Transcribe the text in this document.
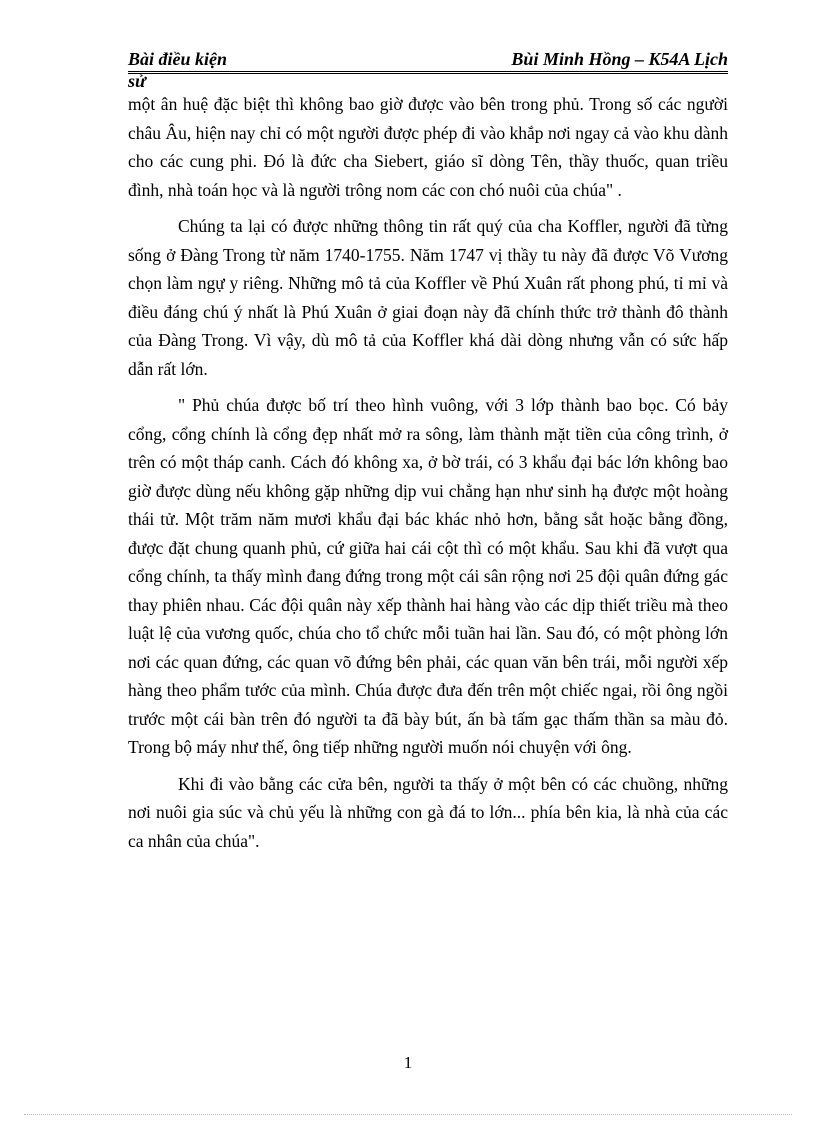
Bài điều kiện sử
Bùi Minh Hồng – K54A Lịch

một ân huệ đặc biệt thì không bao giờ được vào bên trong phủ. Trong số các người châu Âu, hiện nay chỉ có một người được phép đi vào khắp nơi ngay cả vào khu dành cho các cung phi. Đó là đức cha Siebert, giáo sĩ dòng Tên, thầy thuốc, quan triều đình, nhà toán học và là người trông nom các con chó nuôi của chúa" .

Chúng ta lại có được những thông tin rất quý của cha Koffler, người đã từng sống ở Đàng Trong từ năm 1740-1755. Năm 1747 vị thầy tu này đã được Võ Vương chọn làm ngự y riêng. Những mô tả của Koffler về Phú Xuân rất phong phú, tỉ mỉ và điều đáng chú ý nhất là Phú Xuân ở giai đoạn này đã chính thức trở thành đô thành của Đàng Trong. Vì vậy, dù mô tả của Koffler khá dài dòng nhưng vẫn có sức hấp dẫn rất lớn.

" Phủ chúa được bố trí theo hình vuông, với 3 lớp thành bao bọc. Có bảy cổng, cổng chính là cổng đẹp nhất mở ra sông, làm thành mặt tiền của công trình, ở trên có một tháp canh. Cách đó không xa, ở bờ trái, có 3 khẩu đại bác lớn không bao giờ được dùng nếu không gặp những dịp vui chẳng hạn như sinh hạ được một hoàng thái tử. Một trăm năm mươi khẩu đại bác khác nhỏ hơn, bằng sắt hoặc bằng đồng, được đặt chung quanh phủ, cứ giữa hai cái cột thì có một khẩu. Sau khi đã vượt qua cổng chính, ta thấy mình đang đứng trong một cái sân rộng nơi 25 đội quân đứng gác thay phiên nhau. Các đội quân này xếp thành hai hàng vào các dịp thiết triều mà theo luật lệ của vương quốc, chúa cho tổ chức mỗi tuần hai lần. Sau đó, có một phòng lớn nơi các quan đứng, các quan võ đứng bên phải, các quan văn bên trái, mỗi người xếp hàng theo phẩm tước của mình. Chúa được đưa đến trên một chiếc ngai, rồi ông ngồi trước một cái bàn trên đó người ta đã bày bút, ấn bà tấm gạc thấm thần sa màu đỏ. Trong bộ máy như thế, ông tiếp những người muốn nói chuyện với ông.

Khi đi vào bằng các cửa bên, người ta thấy ở một bên có các chuồng, những nơi nuôi gia súc và chủ yếu là những con gà đá to lớn... phía bên kia, là nhà của các ca nhân của chúa".

1
